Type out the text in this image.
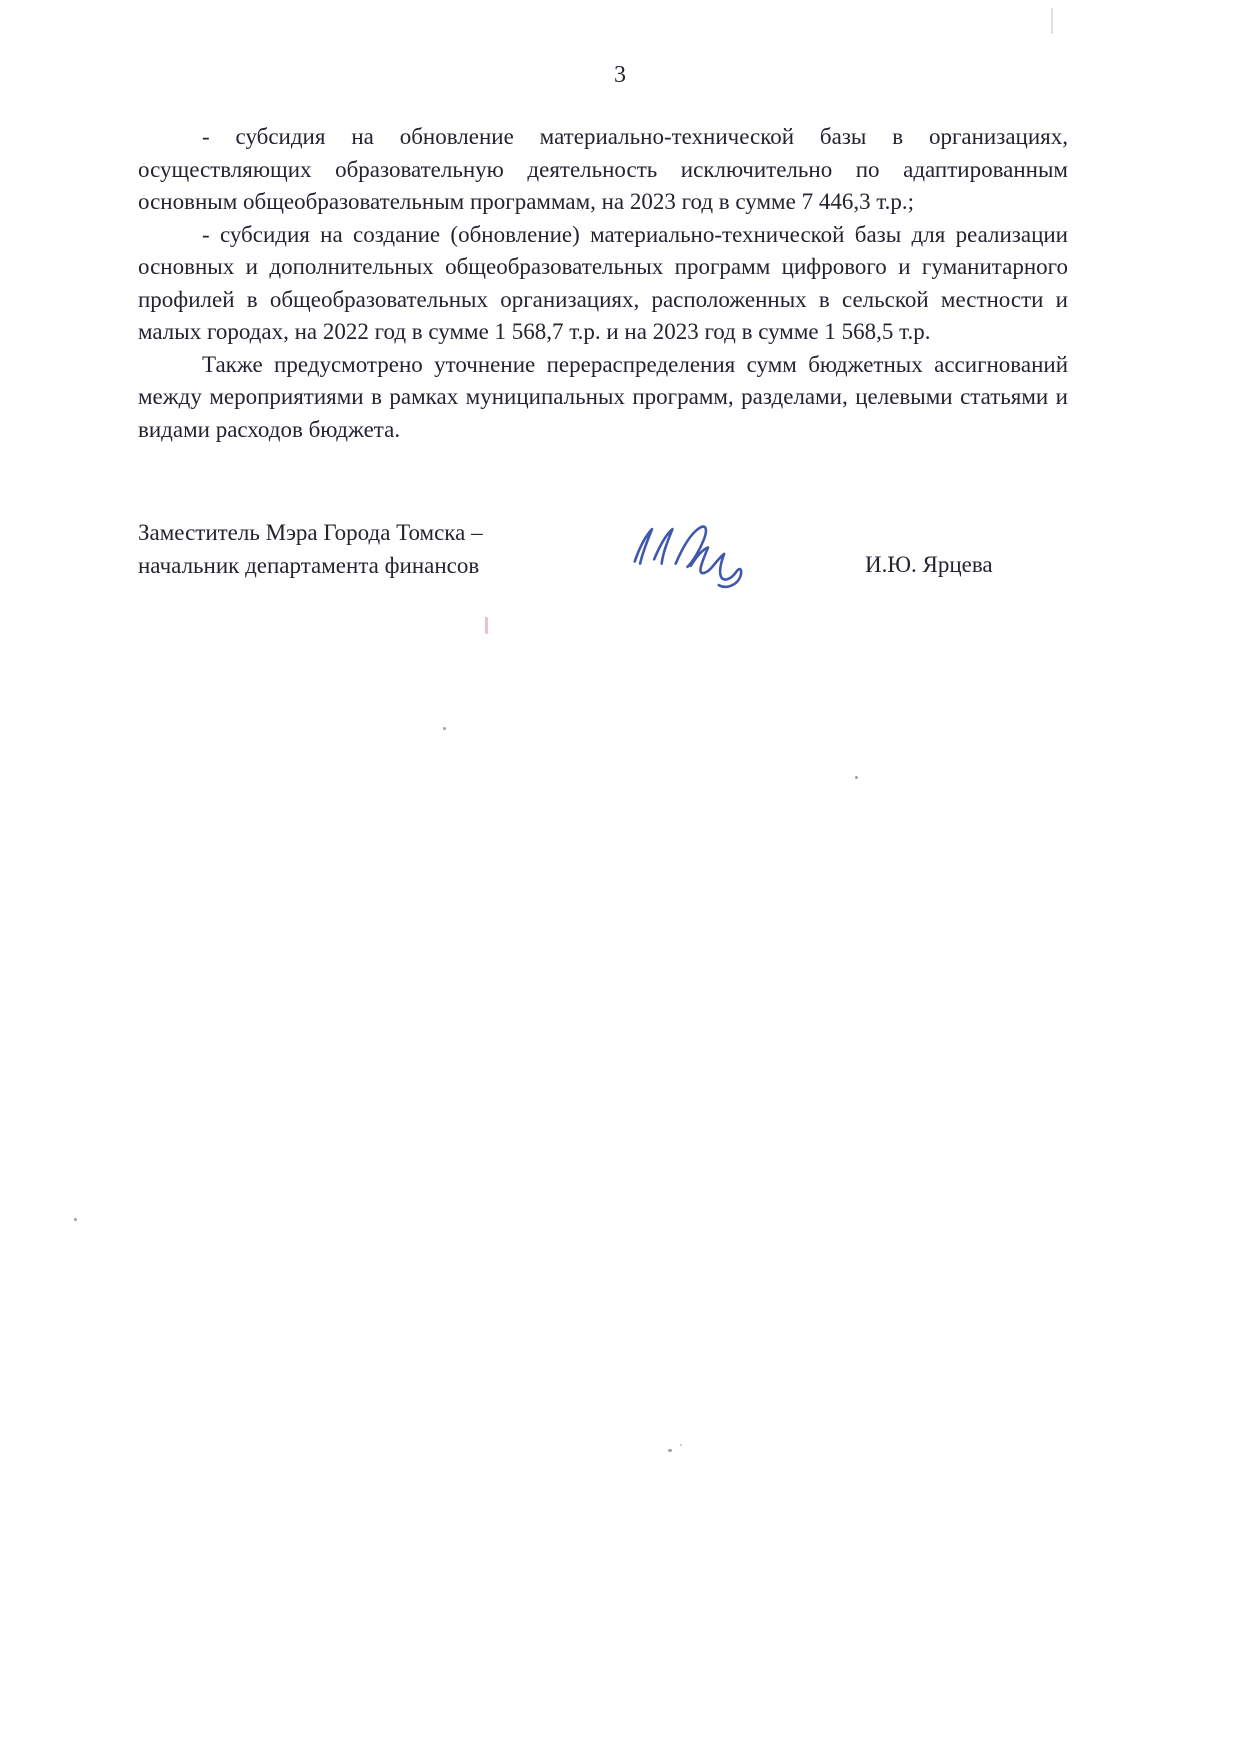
3

- субсидия на обновление материально-технической базы в организациях, осуществляющих образовательную деятельность исключительно по адаптированным основным общеобразовательным программам, на 2023 год в сумме 7 446,3 т.р.;

- субсидия на создание (обновление) материально-технической базы для реализации основных и дополнительных общеобразовательных программ цифрового и гуманитарного профилей в общеобразовательных организациях, расположенных в сельской местности и малых городах, на 2022 год в сумме 1 568,7 т.р. и на 2023 год в сумме 1 568,5 т.р.

Также предусмотрено уточнение перераспределения сумм бюджетных ассигнований между мероприятиями в рамках муниципальных программ, разделами, целевыми статьями и видами расходов бюджета.

Заместитель Мэра Города Томска –
начальник департамента финансов	И.Ю. Ярцева
